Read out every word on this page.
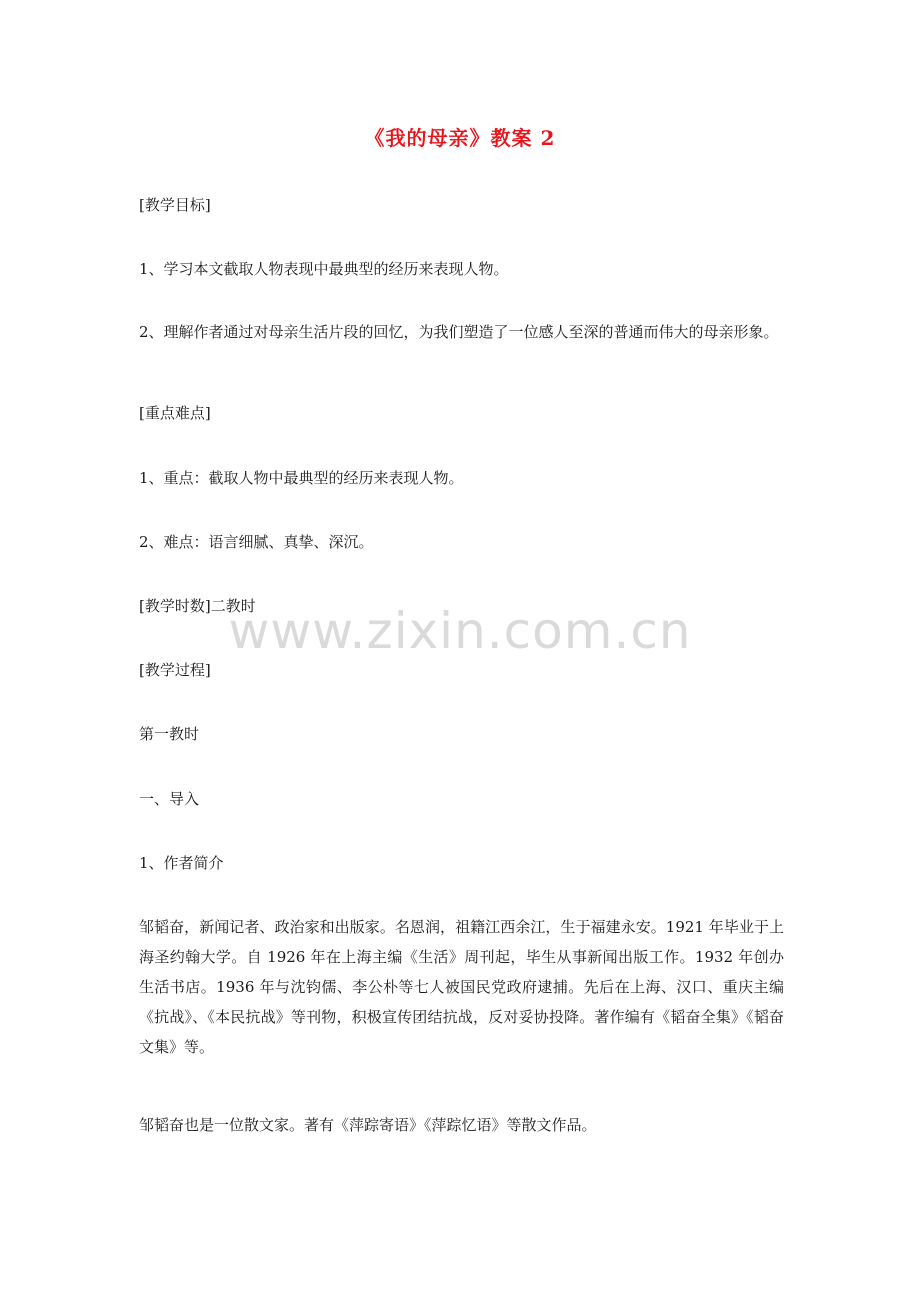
《我的母亲》教案 2
[教学目标]
1、学习本文截取人物表现中最典型的经历来表现人物。
2、理解作者通过对母亲生活片段的回忆，为我们塑造了一位感人至深的普通而伟大的母亲形象。
[重点难点]
1、重点：截取人物中最典型的经历来表现人物。
2、难点：语言细腻、真挚、深沉。
[教学时数]二教时
[教学过程]
第一教时
一、导入
1、作者简介
邹韬奋，新闻记者、政治家和出版家。名恩润，祖籍江西余江，生于福建永安。1921 年毕业于上海圣约翰大学。自 1926 年在上海主编《生活》周刊起，毕生从事新闻出版工作。1932 年创办生活书店。1936 年与沈钧儒、李公朴等七人被国民党政府逮捕。先后在上海、汉口、重庆主编《抗战》、《本民抗战》等刊物，积极宣传团结抗战，反对妥协投降。著作编有《韬奋全集》《韬奋文集》等。
邹韬奋也是一位散文家。著有《萍踪寄语》《萍踪忆语》等散文作品。
www.zixin.com.cn
